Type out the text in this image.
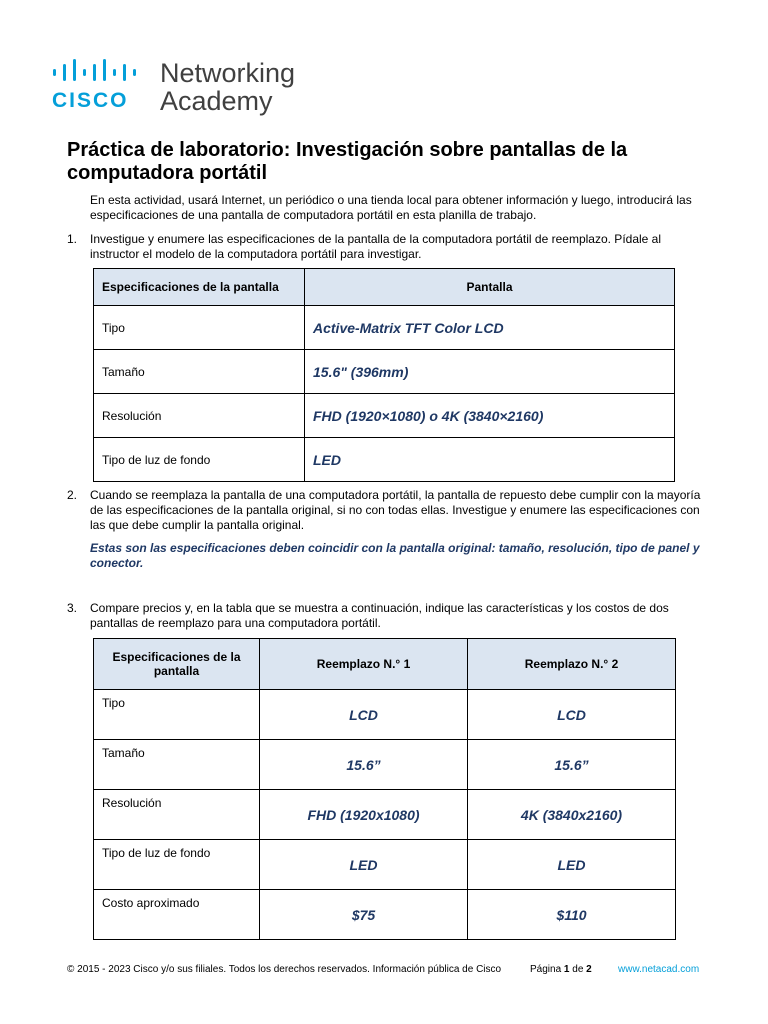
CISCO
Networking
Academy
Práctica de laboratorio: Investigación sobre pantallas de la computadora portátil

En esta actividad, usará Internet, un periódico o una tienda local para obtener información y luego, introducirá las especificaciones de una pantalla de computadora portátil en esta planilla de trabajo.

1. Investigue y enumere las especificaciones de la pantalla de la computadora portátil de reemplazo. Pídale al instructor el modelo de la computadora portátil para investigar.

Especificaciones de la pantalla	Pantalla
Tipo	Active-Matrix TFT Color LCD
Tamaño	15.6" (396mm)
Resolución	FHD (1920×1080) o 4K (3840×2160)
Tipo de luz de fondo	LED
2. Cuando se reemplaza la pantalla de una computadora portátil, la pantalla de repuesto debe cumplir con la mayoría de las especificaciones de la pantalla original, si no con todas ellas. Investigue y enumere las especificaciones con las que debe cumplir la pantalla original.

Estas son las especificaciones deben coincidir con la pantalla original: tamaño, resolución, tipo de panel y conector.

3. Compare precios y, en la tabla que se muestra a continuación, indique las características y los costos de dos pantallas de reemplazo para una computadora portátil.

Especificaciones de la pantalla	Reemplazo N.° 1	Reemplazo N.° 2
Tipo	LCD	LCD
Tamaño	15.6”	15.6”
Resolución	FHD (1920x1080)	4K (3840x2160)
Tipo de luz de fondo	LED	LED
Costo aproximado	$75	$110
© 2015 - 2023 Cisco y/o sus filiales. Todos los derechos reservados. Información pública de Cisco	Página 1 de 2	www.netacad.com
